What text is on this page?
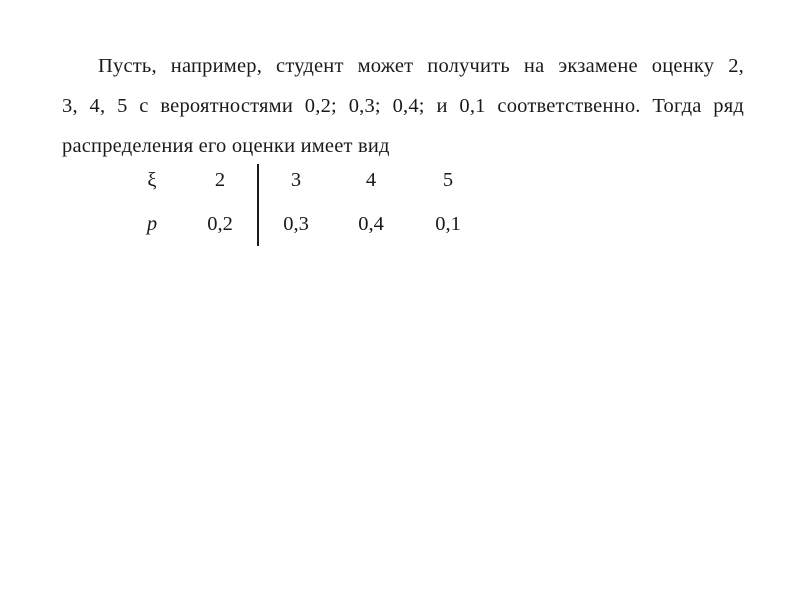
Пусть, например, студент может получить на экзамене оценку 2,
3, 4, 5 с вероятностями 0,2; 0,3; 0,4; и 0,1 соответственно. Тогда ряд
распределения его оценки имеет вид

ξ	2	3	4	5
p	0,2	0,3	0,4	0,1
